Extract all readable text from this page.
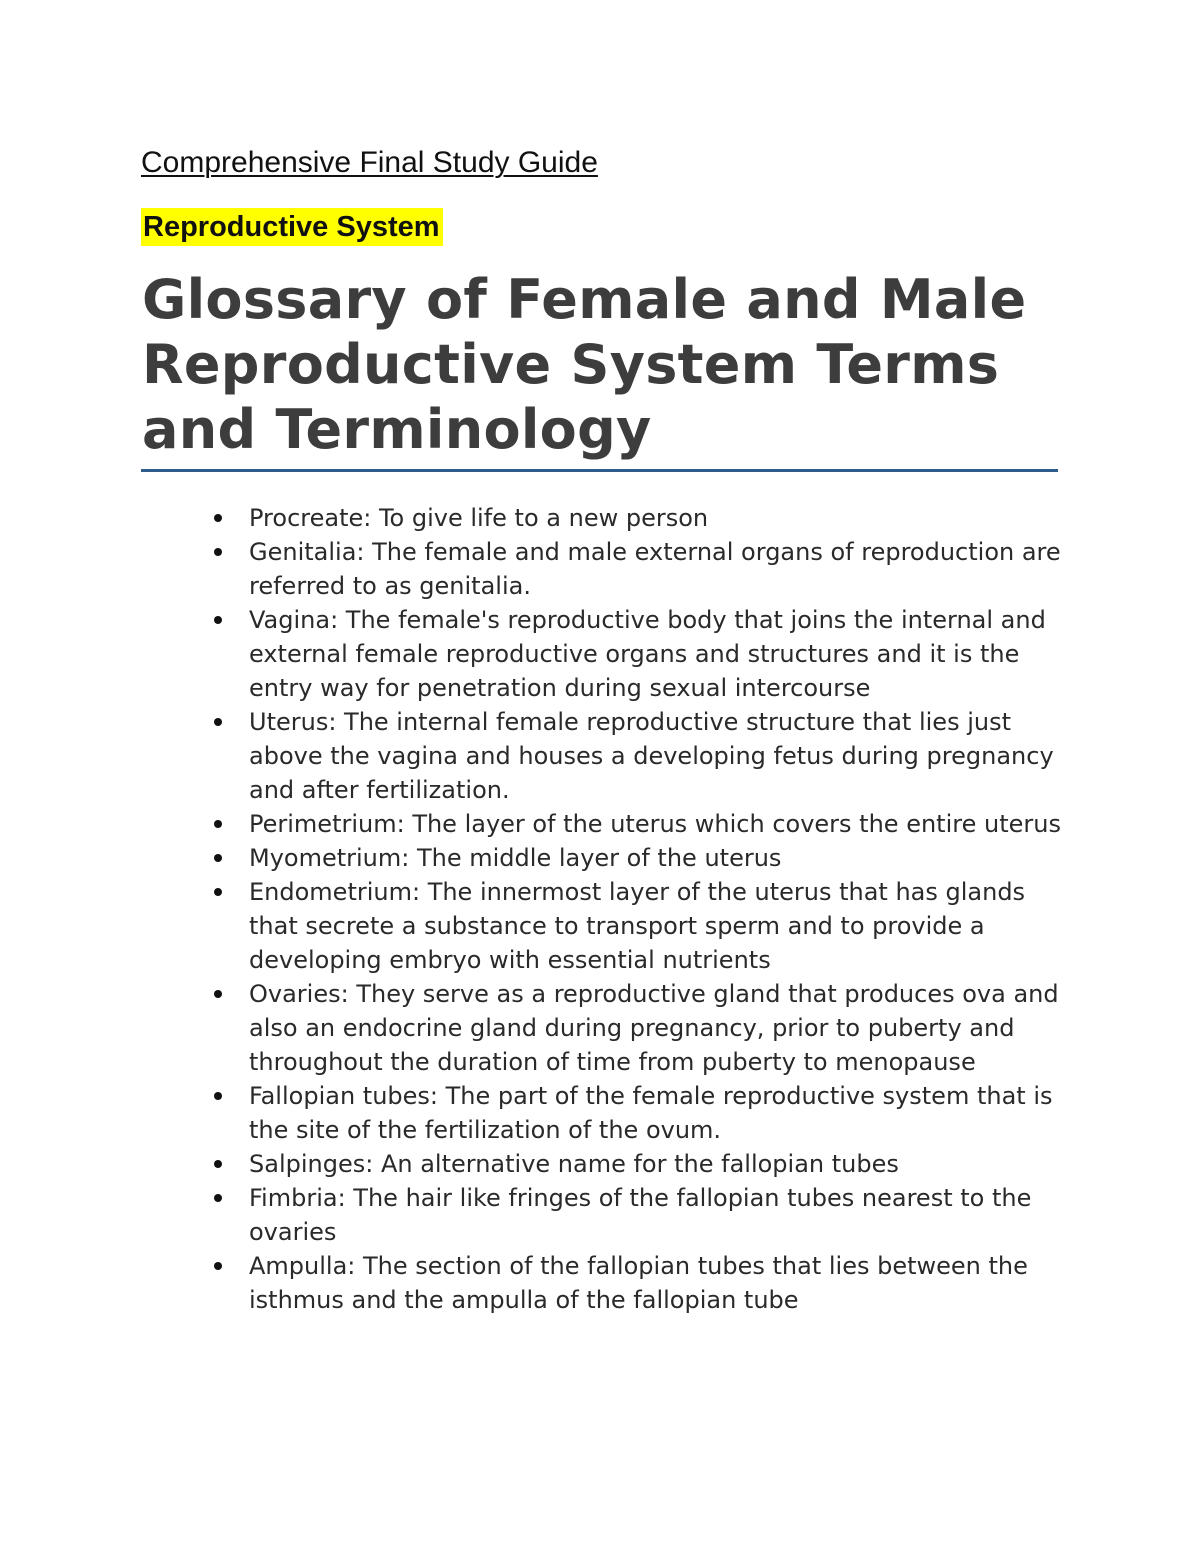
Comprehensive Final Study Guide
Reproductive System
Glossary of Female and Male Reproductive System Terms and Terminology
Procreate: To give life to a new person
Genitalia: The female and male external organs of reproduction are referred to as genitalia.
Vagina: The female's reproductive body that joins the internal and external female reproductive organs and structures and it is the entry way for penetration during sexual intercourse
Uterus: The internal female reproductive structure that lies just above the vagina and houses a developing fetus during pregnancy and after fertilization.
Perimetrium: The layer of the uterus which covers the entire uterus
Myometrium: The middle layer of the uterus
Endometrium: The innermost layer of the uterus that has glands that secrete a substance to transport sperm and to provide a developing embryo with essential nutrients
Ovaries: They serve as a reproductive gland that produces ova and also an endocrine gland during pregnancy, prior to puberty and throughout the duration of time from puberty to menopause
Fallopian tubes: The part of the female reproductive system that is the site of the fertilization of the ovum.
Salpinges: An alternative name for the fallopian tubes
Fimbria: The hair like fringes of the fallopian tubes nearest to the ovaries
Ampulla: The section of the fallopian tubes that lies between the isthmus and the ampulla of the fallopian tube
